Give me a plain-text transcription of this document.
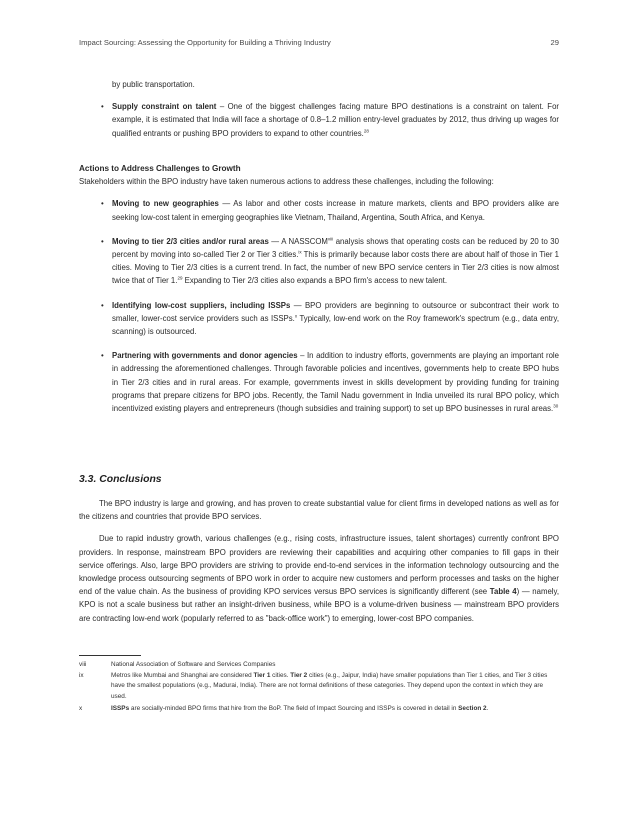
Impact Sourcing: Assessing the Opportunity for Building a Thriving Industry	29

by public transportation.

•	Supply constraint on talent – One of the biggest challenges facing mature BPO destinations is a constraint on talent. For example, it is estimated that India will face a shortage of 0.8–1.2 million entry-level graduates by 2012, thus driving up wages for qualified entrants or pushing BPO providers to expand to other countries.$^{28}$

Actions to Address Challenges to Growth

Stakeholders within the BPO industry have taken numerous actions to address these challenges, including the following:

•	Moving to new geographies — As labor and other costs increase in mature markets, clients and BPO providers alike are seeking low-cost talent in emerging geographies like Vietnam, Thailand, Argentina, South Africa, and Kenya.
•	Moving to tier 2/3 cities and/or rural areas — A NASSCOM$^{viii}$ analysis shows that operating costs can be reduced by 20 to 30 percent by moving into so-called Tier 2 or Tier 3 cities.$^{ix}$ This is primarily because labor costs there are about half of those in Tier 1 cities. Moving to Tier 2/3 cities is a current trend. In fact, the number of new BPO service centers in Tier 2/3 cities is now almost twice that of Tier 1.29 Expanding to Tier 2/3 cities also expands a BPO firm's access to new talent.
•	Identifying low-cost suppliers, including ISSPs — BPO providers are beginning to outsource or subcontract their work to smaller, lower-cost service providers such as ISSPs.$^x$ Typically, low-end work on the Roy framework's spectrum (e.g., data entry, scanning) is outsourced.
•	Partnering with governments and donor agencies – In addition to industry efforts, governments are playing an important role in addressing the aforementioned challenges. Through favorable policies and incentives, governments help to create BPO hubs in Tier 2/3 cities and in rural areas. For example, governments invest in skills development by providing funding for training programs that prepare citizens for BPO jobs. Recently, the Tamil Nadu government in India unveiled its rural BPO policy, which incentivized existing players and entrepreneurs (though subsidies and training support) to set up BPO businesses in rural areas.$^{30}$

3.3. Conclusions

The BPO industry is large and growing, and has proven to create substantial value for client firms in developed nations as well as for the citizens and countries that provide BPO services.

Due to rapid industry growth, various challenges (e.g., rising costs, infrastructure issues, talent shortages) currently confront BPO providers. In response, mainstream BPO providers are reviewing their capabilities and acquiring other companies to fill gaps in their service offerings. Also, large BPO providers are striving to provide end-to-end services in the information technology outsourcing and the knowledge process outsourcing segments of BPO work in order to acquire new customers and perform processes and tasks on the higher end of the value chain. As the business of providing KPO services versus BPO services is significantly different (see Table 4) — namely, KPO is not a scale business but rather an insight-driven business, while BPO is a volume-driven business — mainstream BPO providers are contracting low-end work (popularly referred to as "back-office work") to emerging, lower-cost BPO companies.

viii	National Association of Software and Services Companies
ix	Metros like Mumbai and Shanghai are considered Tier 1 cities. Tier 2 cities (e.g., Jaipur, India) have smaller populations than Tier 1 cities, and Tier 3 cities have the smallest populations (e.g., Madurai, India). There are not formal definitions of these categories. They depend upon the context in which they are used.
x	ISSPs are socially-minded BPO firms that hire from the BoP. The field of Impact Sourcing and ISSPs is covered in detail in Section 2.
